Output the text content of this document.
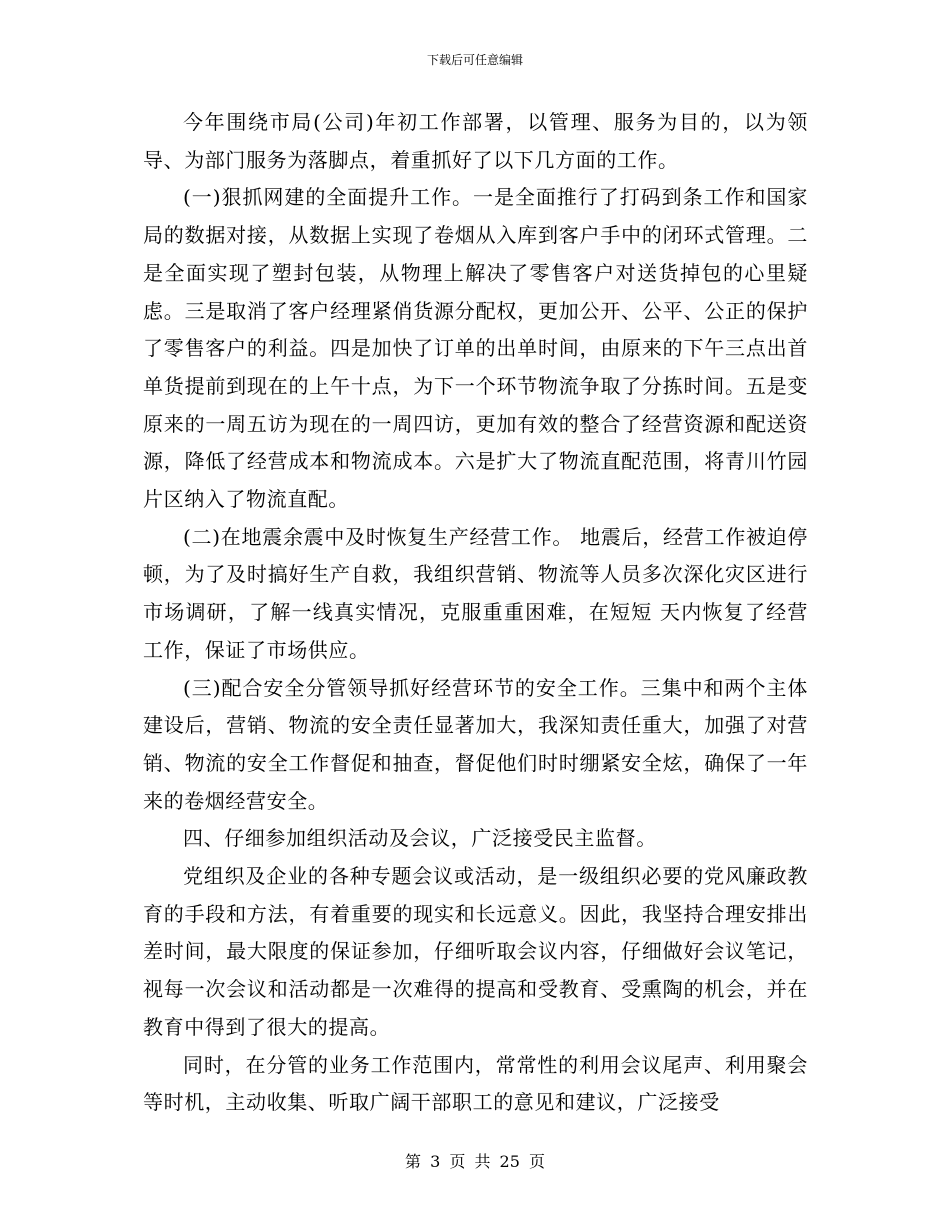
下载后可任意编辑

今年围绕市局(公司)年初工作部署，以管理、服务为目的，以为领导、为部门服务为落脚点，着重抓好了以下几方面的工作。

(一)狠抓网建的全面提升工作。一是全面推行了打码到条工作和国家局的数据对接，从数据上实现了卷烟从入库到客户手中的闭环式管理。二是全面实现了塑封包装，从物理上解决了零售客户对送货掉包的心里疑虑。三是取消了客户经理紧俏货源分配权，更加公开、公平、公正的保护了零售客户的利益。四是加快了订单的出单时间，由原来的下午三点出首单货提前到现在的上午十点，为下一个环节物流争取了分拣时间。五是变原来的一周五访为现在的一周四访，更加有效的整合了经营资源和配送资源，降低了经营成本和物流成本。六是扩大了物流直配范围，将青川竹园片区纳入了物流直配。

(二)在地震余震中及时恢复生产经营工作。 地震后，经营工作被迫停顿，为了及时搞好生产自救，我组织营销、物流等人员多次深化灾区进行市场调研，了解一线真实情况，克服重重困难，在短短 天内恢复了经营工作，保证了市场供应。

(三)配合安全分管领导抓好经营环节的安全工作。三集中和两个主体建设后，营销、物流的安全责任显著加大，我深知责任重大，加强了对营销、物流的安全工作督促和抽查，督促他们时时绷紧安全炫，确保了一年来的卷烟经营安全。

四、仔细参加组织活动及会议，广泛接受民主监督。

党组织及企业的各种专题会议或活动，是一级组织必要的党风廉政教育的手段和方法，有着重要的现实和长远意义。因此，我坚持合理安排出差时间，最大限度的保证参加，仔细听取会议内容，仔细做好会议笔记，视每一次会议和活动都是一次难得的提高和受教育、受熏陶的机会，并在教育中得到了很大的提高。

同时，在分管的业务工作范围内，常常性的利用会议尾声、利用聚会等时机，主动收集、听取广阔干部职工的意见和建议，广泛接受

第 3 页 共 25 页
